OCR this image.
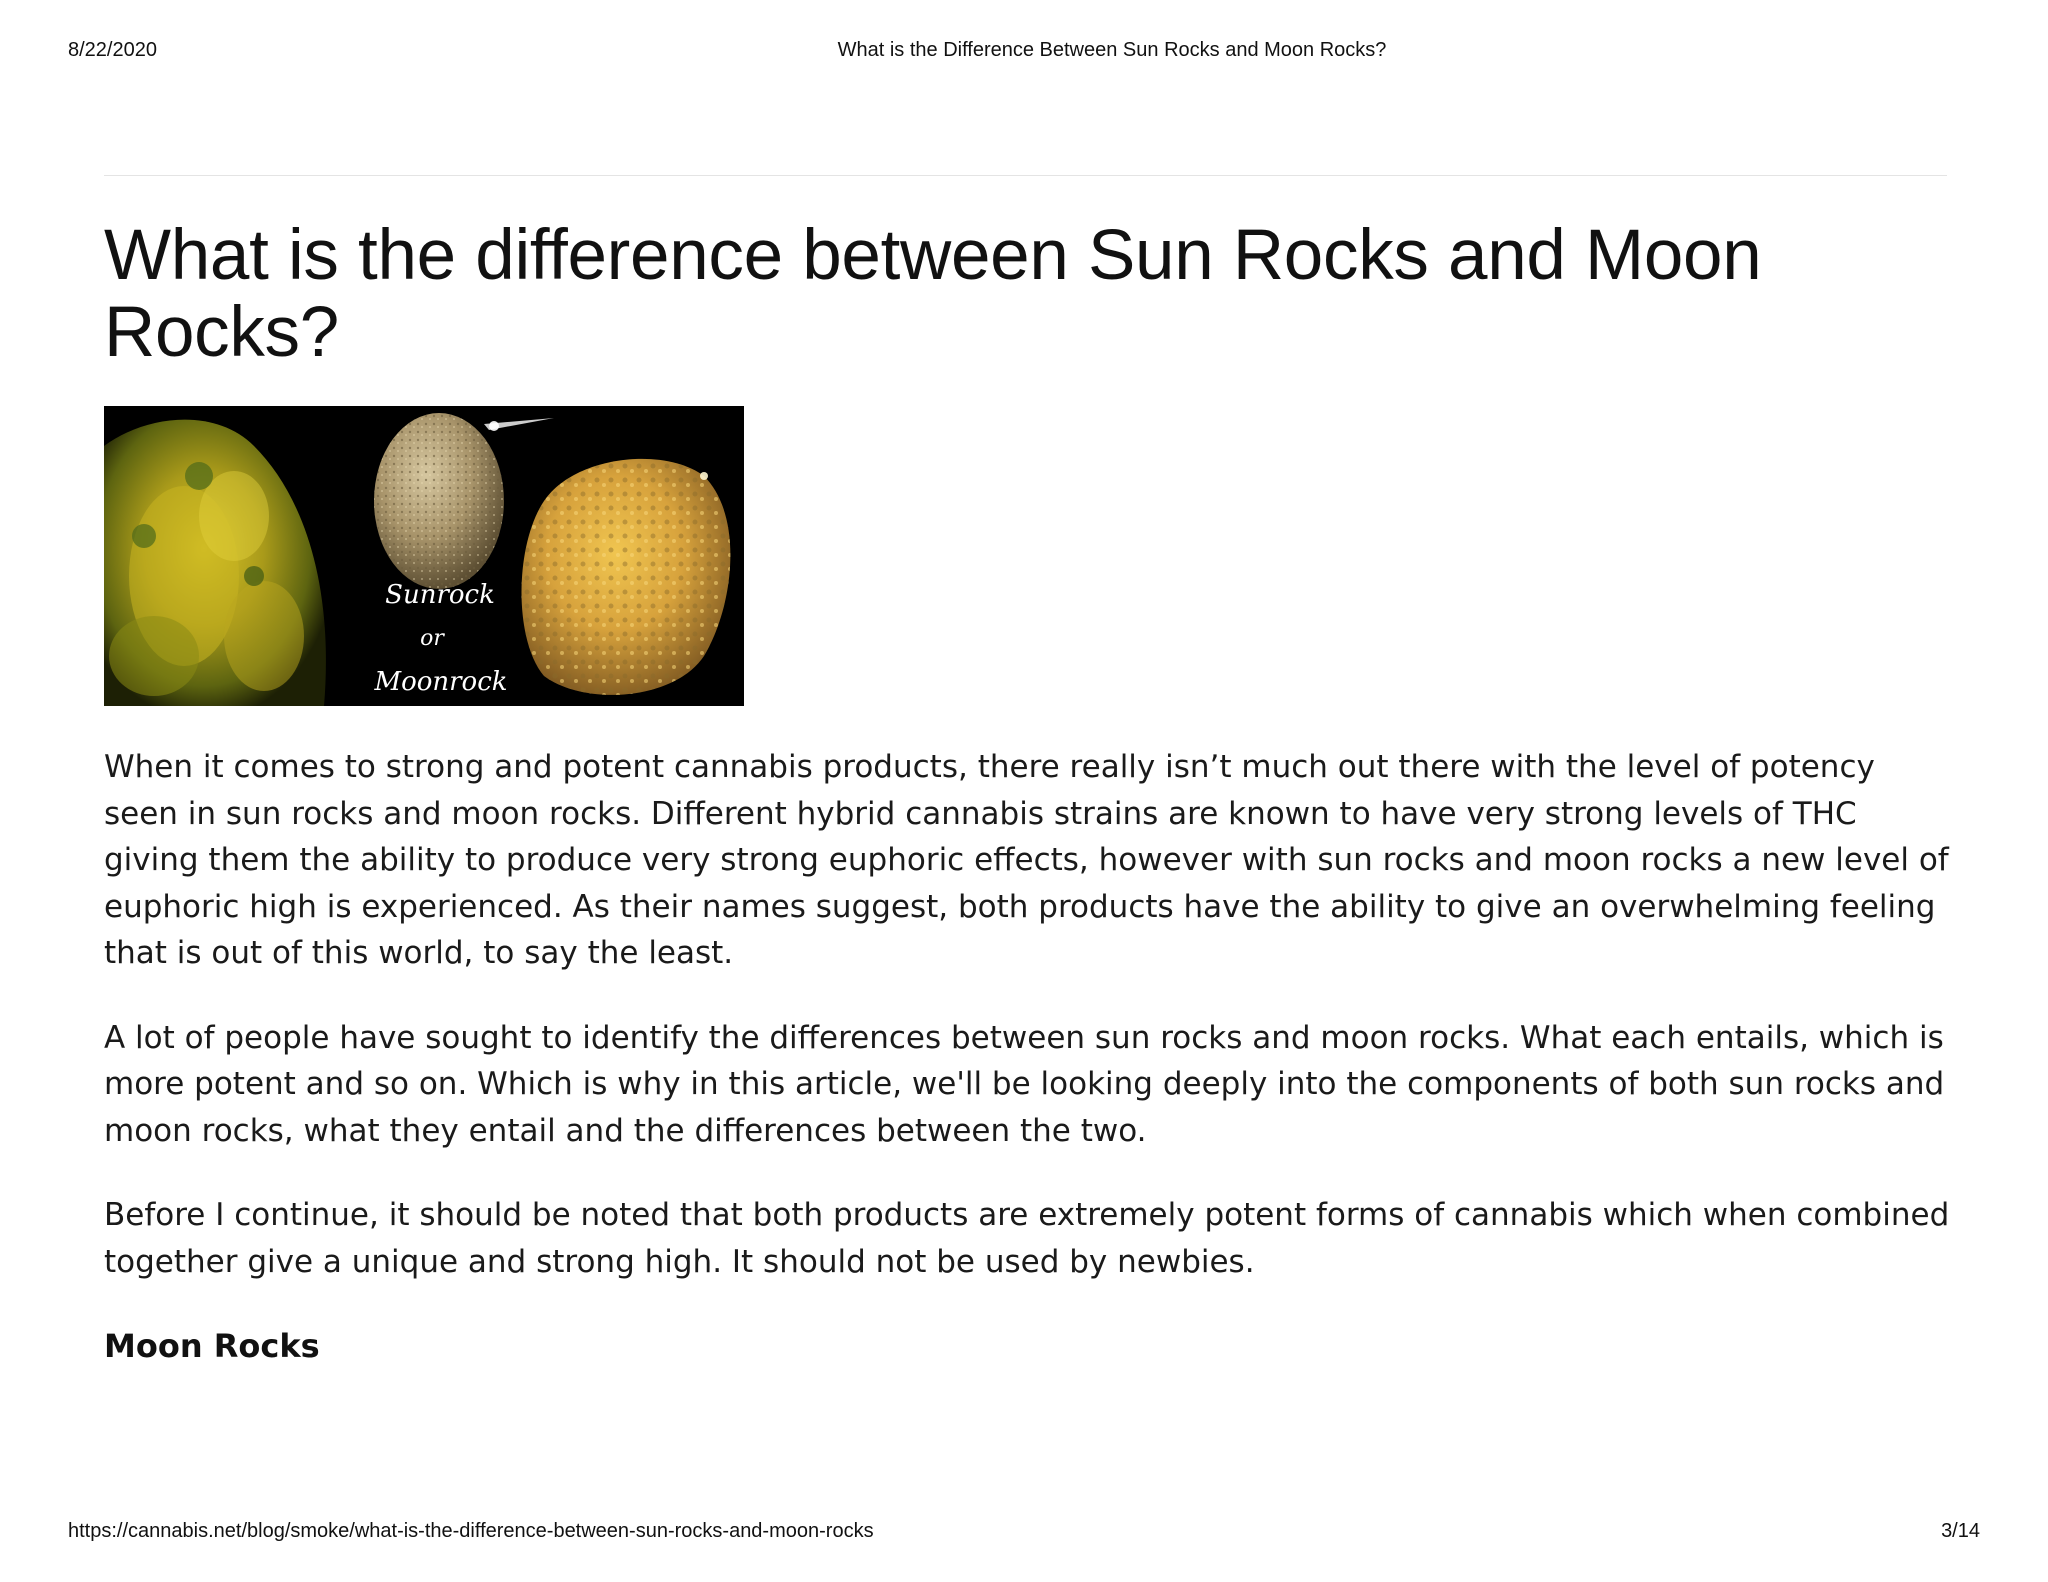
8/22/2020	What is the Difference Between Sun Rocks and Moon Rocks?
What is the difference between Sun Rocks and Moon Rocks?
Sunrock
or
Moonrock

When it comes to strong and potent cannabis products, there really isn’t much out there with the level of potency seen in sun rocks and moon rocks. Different hybrid cannabis strains are known to have very strong levels of THC giving them the ability to produce very strong euphoric effects, however with sun rocks and moon rocks a new level of euphoric high is experienced. As their names suggest, both products have the ability to give an overwhelming feeling that is out of this world, to say the least.

A lot of people have sought to identify the differences between sun rocks and moon rocks. What each entails, which is more potent and so on. Which is why in this article, we'll be looking deeply into the components of both sun rocks and moon rocks, what they entail and the differences between the two.

Before I continue, it should be noted that both products are extremely potent forms of cannabis which when combined together give a unique and strong high. It should not be used by newbies.

Moon Rocks
https://cannabis.net/blog/smoke/what-is-the-difference-between-sun-rocks-and-moon-rocks	3/14
